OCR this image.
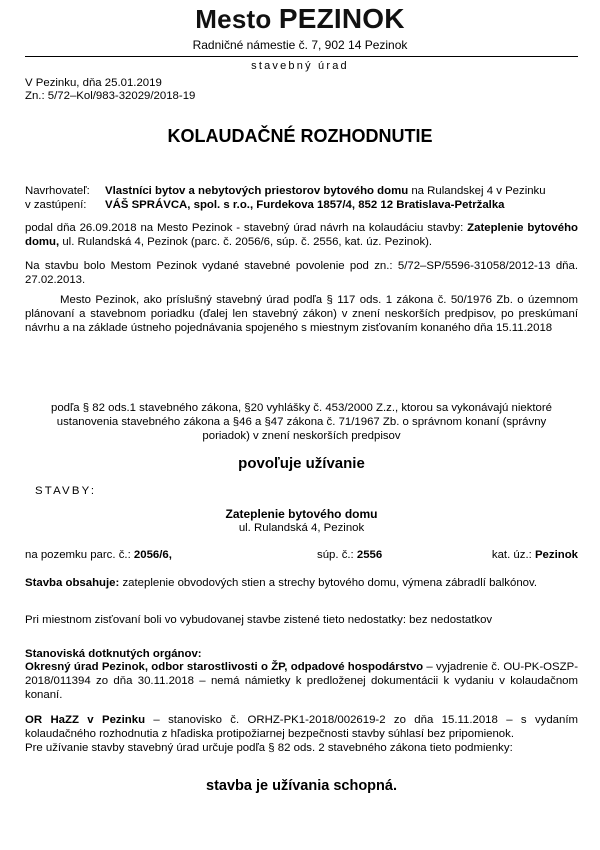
Mesto PEZINOK
Radničné námestie č. 7, 902 14 Pezinok
stavebný úrad
V Pezinku, dňa 25.01.2019
Zn.: 5/72–Kol/983-32029/2018-19
KOLAUDAČNÉ ROZHODNUTIE
Navrhovateľ: Vlastníci bytov a nebytových priestorov bytového domu na Rulandskej 4 v Pezinku
v zastúpení: VÁŠ SPRÁVCA, spol. s r.o., Furdekova 1857/4, 852 12 Bratislava-Petržalka
podal dňa 26.09.2018 na Mesto Pezinok - stavebný úrad návrh na kolaudáciu stavby: Zateplenie bytového domu, ul. Rulandská 4, Pezinok (parc. č. 2056/6, súp. č. 2556, kat. úz. Pezinok).
Na stavbu bolo Mestom Pezinok vydané stavebné povolenie pod zn.: 5/72–SP/5596-31058/2012-13 dňa. 27.02.2013.
Mesto Pezinok, ako príslušný stavebný úrad podľa § 117 ods. 1 zákona č. 50/1976 Zb. o územnom plánovaní a stavebnom poriadku (ďalej len stavebný zákon) v znení neskorších predpisov, po preskúmaní návrhu a na základe ústneho pojednávania spojeného s miestnym zisťovaním konaného dňa 15.11.2018
podľa § 82 ods.1 stavebného zákona, §20 vyhlášky č. 453/2000 Z.z., ktorou sa vykonávajú niektoré ustanovenia stavebného zákona a §46 a §47 zákona č. 71/1967 Zb. o správnom konaní (správny poriadok) v znení neskorších predpisov
povoľuje užívanie
STAVBY:
Zateplenie bytového domu
ul. Rulandská 4, Pezinok
na pozemku parc. č.: 2056/6,	súp. č.: 2556	kat. úz.: Pezinok
Stavba obsahuje: zateplenie obvodových stien a strechy bytového domu, výmena zábradlí balkónov.
Pri miestnom zisťovaní boli vo vybudovanej stavbe zistené tieto nedostatky: bez nedostatkov
Stanoviská dotknutých orgánov:
Okresný úrad Pezinok, odbor starostlivosti o ŽP, odpadové hospodárstvo – vyjadrenie č. OU-PK-OSZP-2018/011394 zo dňa 30.11.2018 – nemá námietky k predloženej dokumentácii k vydaniu v kolaudačnom konaní.
OR HaZZ v Pezinku – stanovisko č. ORHZ-PK1-2018/002619-2 zo dňa 15.11.2018 – s vydaním kolaudačného rozhodnutia z hľadiska protipožiarnej bezpečnosti stavby súhlasí bez pripomienok.
Pre užívanie stavby stavebný úrad určuje podľa § 82 ods. 2 stavebného zákona tieto podmienky:
stavba je užívania schopná.
